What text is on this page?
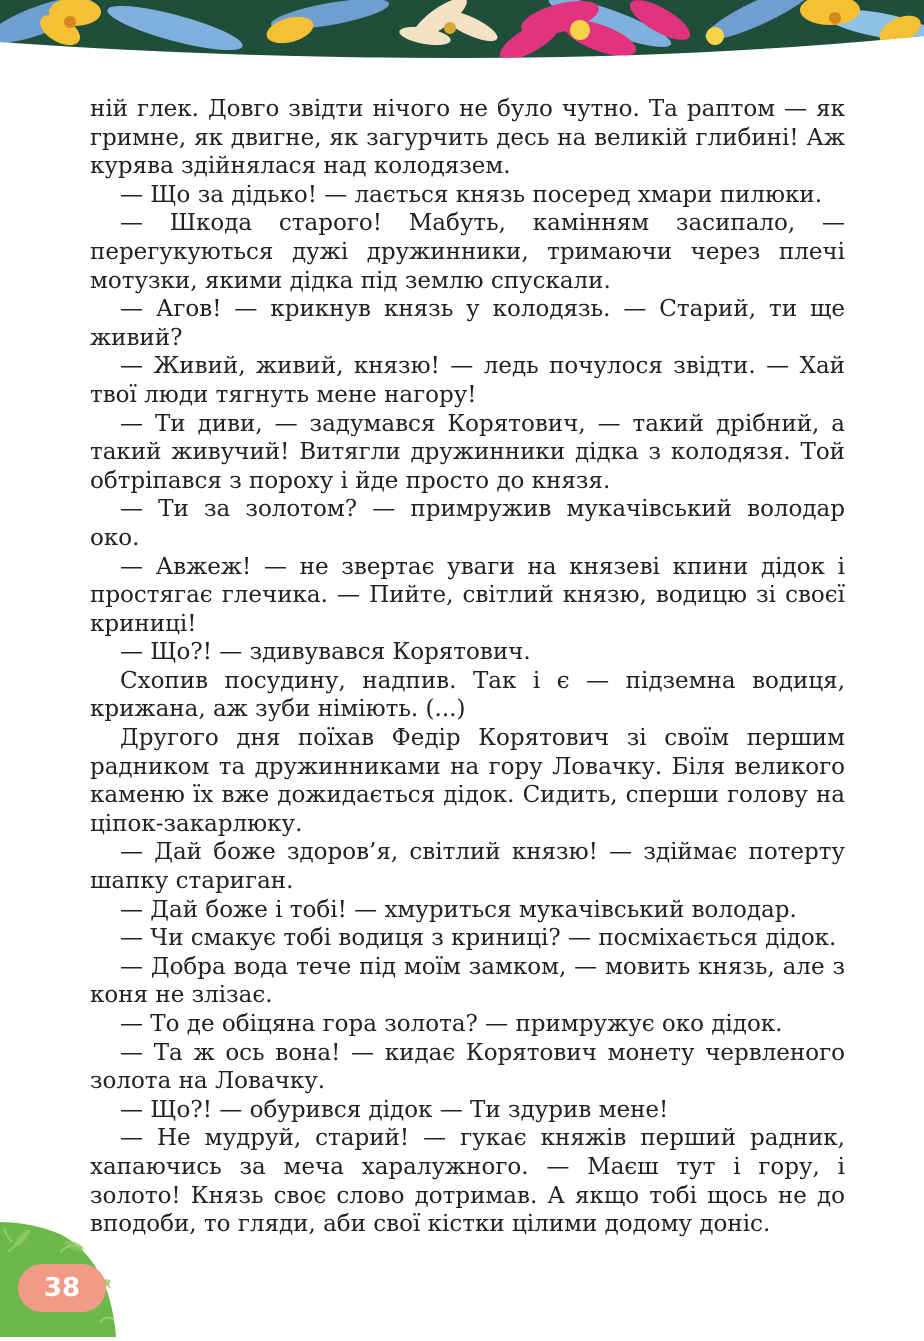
ній глек. Довго звідти нічого не було чутно. Та раптом — як гримне, як двигне, як загурчить десь на великій глибині! Аж курява здійнялася над колодязем.

— Що за дідько! — лається князь посеред хмари пилюки.

— Шкода старого! Мабуть, камінням засипало, — перегукуються дужі дружинники, тримаючи через плечі мотузки, якими дідка під землю спускали.

— Агов! — крикнув князь у колодязь. — Старий, ти ще живий?

— Живий, живий, князю! — ледь почулося звідти. — Хай твої люди тягнуть мене нагору!

— Ти диви, — задумався Корятович, — такий дрібний, а такий живучий! Витягли дружинники дідка з колодязя. Той обтріпався з пороху і йде просто до князя.

— Ти за золотом? — примружив мукачівський володар око.

— Авжеж! — не звертає уваги на князеві кпини дідок і простягає глечика. — Пийте, світлий князю, водицю зі своєї криниці!

— Що?! — здивувався Корятович.

Схопив посудину, надпив. Так і є — підземна водиця, крижана, аж зуби німіють. (...)

Другого дня поїхав Федір Корятович зі своїм першим радником та дружинниками на гору Ловачку. Біля великого каменю їх вже дожидається дідок. Сидить, сперши голову на ціпок-закарлюку.

— Дай боже здоров’я, світлий князю! — здіймає потерту шапку стариган.

— Дай боже і тобі! — хмуриться мукачівський володар.

— Чи смакує тобі водиця з криниці? — посміхається дідок.

— Добра вода тече під моїм замком, — мовить князь, але з коня не злізає.

— То де обіцяна гора золота? — примружує око дідок.

— Та ж ось вона! — кидає Корятович монету червленого золота на Ловачку.

— Що?! — обурився дідок — Ти здурив мене!

— Не мудруй, старий! — гукає княжів перший радник, хапаючись за меча харалужного. — Маєш тут і гору, і золото! Князь своє слово дотримав. А якщо тобі щось не до вподоби, то гляди, аби свої кістки цілими додому доніс.

38
